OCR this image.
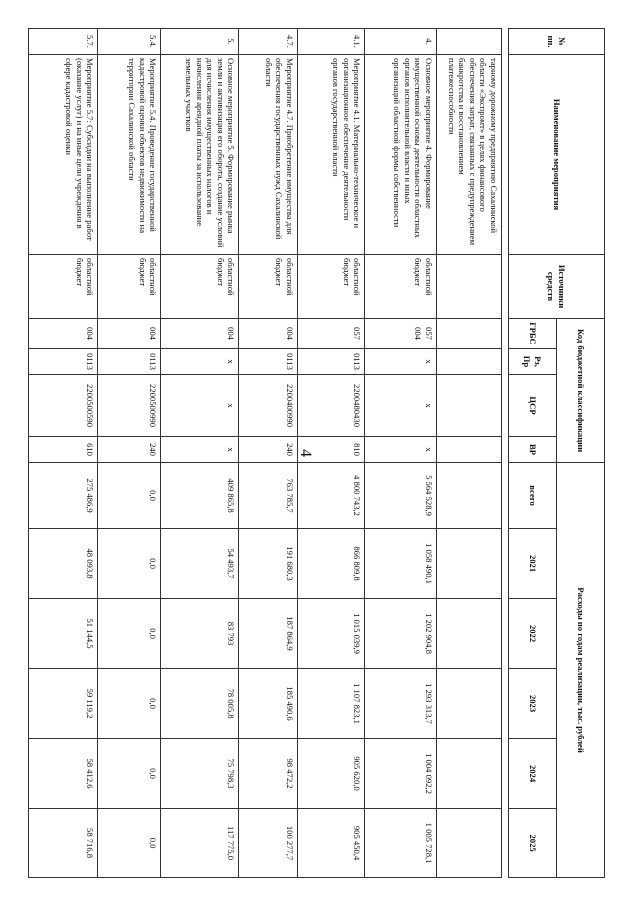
4
№ пп.	Наименование мероприятия	Источники средств	Код бюджетной классификации				Расходы по годам реализации, тыс. рублей					
			ГРБС	Рз, Пр	ЦСР	ВР	всего	2021	2022	2023	2024	2025

	тарному дорожному предприятию Сахалинской области «Экспромт» в целях финансового обеспечения затрат, связанных с предупреждением банкротства и восстановлением платежеспособности											
4.	Основное мероприятие 4. Формирование имущественной основы деятельности областных органов исполнительной власти и иных организаций областной формы собственности	областной бюджет	057 004	x	x	x	5 564 528,9	1 058 490,1	1 202 904,8	1 293 313,7	1 004 092,2	1 005 728,1
4.1.	Мероприятие 4.1. Материально-техническое и организационное обеспечение деятельности органов государственной власти	областной бюджет	057	0113	2200480430	810	4 800 743,2	866 809,8	1 015 039,9	1 107 823,1	905 620,0	905 450,4
4.7.	Мероприятие 4.7. Приобретение имущества для обеспечения государственных нужд Сахалинской области	областной бюджет	004	0113	2200400990	240	763 785,7	191 680,3	187 864,9	185 490,6	98 472,2	100 277,7
5.	Основное мероприятие 5. Формирование рынка земли и активизация его оборота, создание условий для исчисления имущественных налогов и начисления арендной платы за использование земельных участков	областной бюджет	004	x	x	x	409 865,8	54 493,7	83 793	78 005,8	75 798,3	117 775,0
5.4.	Мероприятие 5.4. Проведение государственной кадастровой оценки объектов недвижимости на территории Сахалинской области	областной бюджет	004	0113	2200500990	240	0,0	0,0	0,0	0,0	0,0	0,0
5.7.	Мероприятие 5.7: Субсидии на выполнение работ (оказание услуг) и на иные цели учреждения в сфере кадастровой оценки	областной бюджет	004	0113	2200500590	610	275 486,9	48 093,8	51 144,5	59 119,2	58 412,6	58 716,8
